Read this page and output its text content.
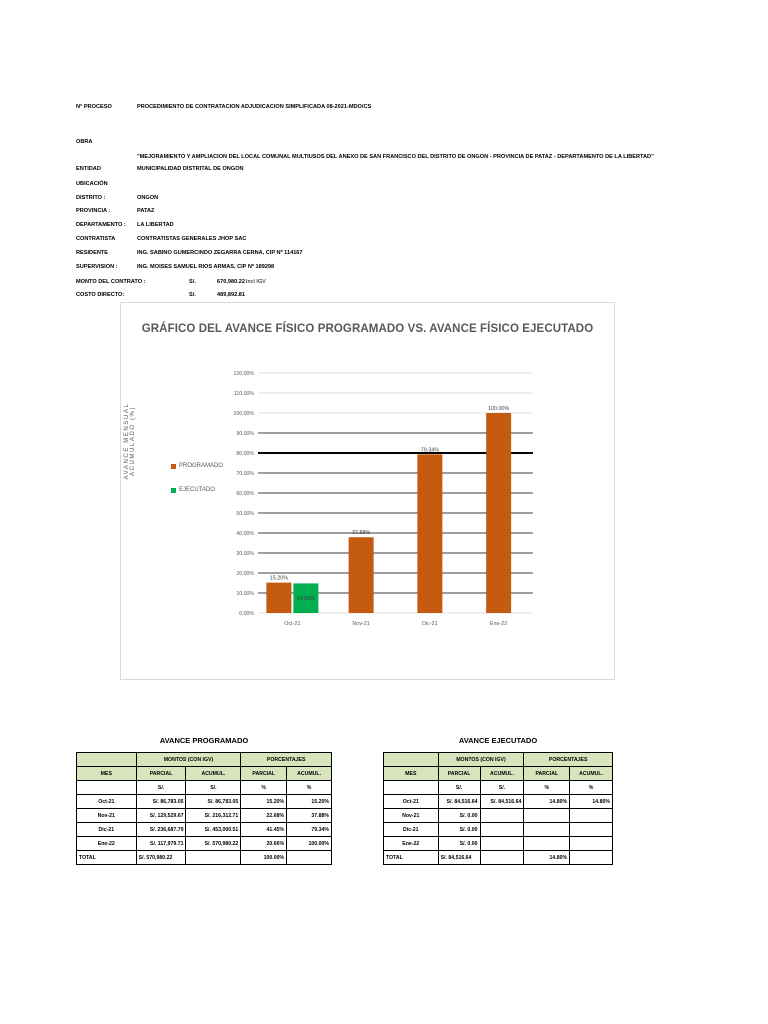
N° PROCESO	PROCEDIMIENTO DE CONTRATACION ADJUDICACION SIMPLIFICADA 08-2021-MDO/CS
OBRA
"MEJORAMIENTO Y AMPLIACION DEL LOCAL COMUNAL MULTIUSOS DEL ANEXO DE SAN FRANCISCO DEL DISTRITO DE ONGON - PROVINCIA DE PATAZ - DEPARTAMENTO DE LA LIBERTAD"
ENTIDAD	MUNICIPALIDAD DISTRITAL DE ONGON
UBICACIÓN
DISTRITO :	ONGON
PROVINCIA :	PATAZ
DEPARTAMENTO : LA LIBERTAD
CONTRATISTA	CONTRATISTAS GENERALES JHOP SAC
RESIDENTE	ING. SABINO GUMERCINDO ZEGARRA CERNA, CIP Nº 114167
SUPERVISION :	ING. MOISES SAMUEL RIOS ARMAS, CIP Nº 189298
MONTO DEL CONTRATO :	S/.	670,980.22 Incl IGV
COSTO DIRECTO:	S/.	489,892.81
GRÁFICO DEL AVANCE FÍSICO PROGRAMADO VS. AVANCE FÍSICO EJECUTADO
AVANCE MENSUAL ACUMULADO (%)	PROGRAMADO
EJECUTADO
0.00%
10.00%
20.00%
30.00%
40.00%
50.00%
60.00%
70.00%
80.00%
90.00%
100.00%
110.00%
120.00%
15.20%
14.80%
Oct-21
37.88%
Nov-21
79.34%
Dic-21
100.00%
Ene-22
AVANCE PROGRAMADO	AVANCE EJECUTADO
	MONTOS (CON IGV)		PORCENTAJES	
MES	PARCIAL	ACUMUL.	PARCIAL	ACUMUL.
	S/.	S/.	%	%
Oct-21	S/. 86,783.05	S/. 86,783.05	15.20%	15.20%
Nov-21	S/. 129,529.67	S/. 216,312.71	22.68%	37.88%
Dic-21	S/. 236,687.79	S/. 453,000.51	41.45%	79.34%
Ene-22	S/. 117,979.71	S/. 570,980.22	20.66%	100.00%
TOTAL	S/. 570,980.22		100.00%	
	MONTOS (CON IGV)		PORCENTAJES	
MES	PARCIAL	ACUMUL.	PARCIAL	ACUMUL.
	S/.	S/.	%	%
Oct-21	S/. 84,516.64	S/. 84,516.64	14.80%	14.80%
Nov-21	S/. 0.00			
Dic-21	S/. 0.00			
Ene-22	S/. 0.00			
TOTAL	S/. 84,516.64		14.80%	
